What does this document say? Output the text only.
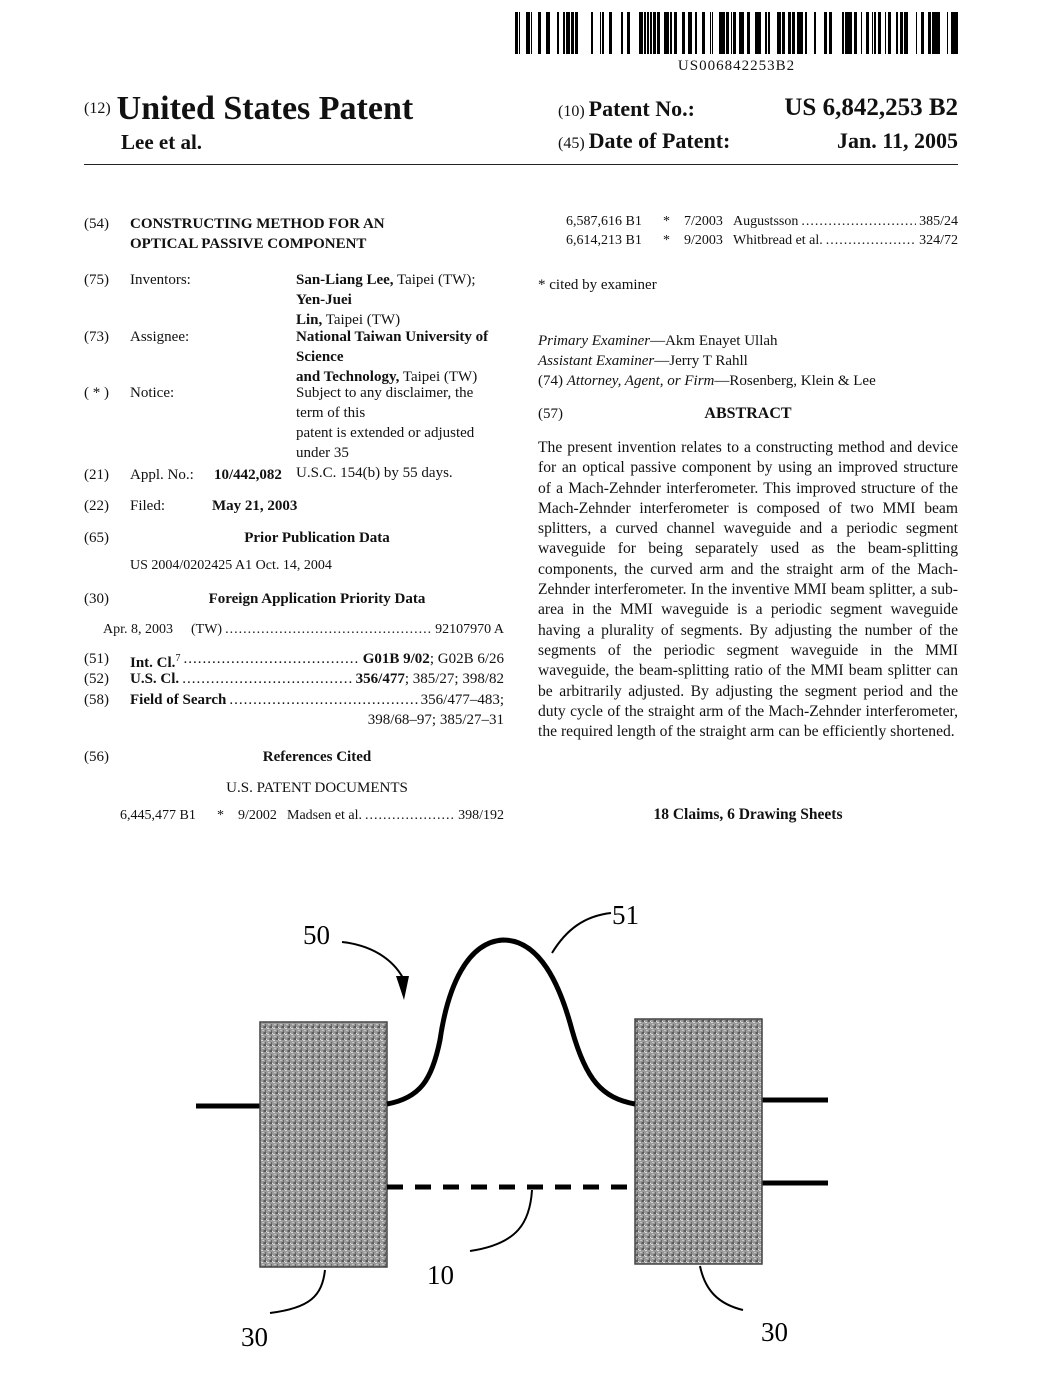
US006842253B2
(12) United States Patent
Lee et al.
(10) Patent No.:	US 6,842,253 B2
(45) Date of Patent:	Jan. 11, 2005
(54) CONSTRUCTING METHOD FOR AN
OPTICAL PASSIVE COMPONENT
(75) Inventors:	San-Liang Lee, Taipei (TW); Yen-Juei
Lin, Taipei (TW)
(73) Assignee:	National Taiwan University of Science
and Technology, Taipei (TW)
( * ) Notice:	Subject to any disclaimer, the term of this
patent is extended or adjusted under 35
U.S.C. 154(b) by 55 days.
(21) Appl. No.: 10/442,082
(22) Filed:	May 21, 2003
(65)	Prior Publication Data
US 2004/0202425 A1 Oct. 14, 2004
(30)	Foreign Application Priority Data
Apr. 8, 2003 (TW) .....	92107970 A
(51) Int. Cl.$^7$ .....	G01B 9/02 ; G02B 6/26
(52) U.S. Cl. .....	356/477 ; 385/27; 398/82
(58) Field of Search .....	356/477–483;
398/68–97; 385/27–31
(56)	References Cited
U.S. PATENT DOCUMENTS
6,445,477 B1 * 9/2002 Madsen et al. .....	398/192
6,587,616 B1 * 7/2003 Augustsson .....	385/24
6,614,213 B1 * 9/2003 Whitbread et al. .....	324/72
* cited by examiner
Primary Examiner—Akm Enayet Ullah
Assistant Examiner—Jerry T Rahll
(74) Attorney, Agent, or Firm—Rosenberg, Klein & Lee
(57)	ABSTRACT
The present invention relates to a constructing method and device for an optical passive component by using an improved structure of a Mach-Zehnder interferometer. This improved structure of the Mach-Zehnder interferometer is composed of two MMI beam splitters, a curved channel waveguide and a periodic segment waveguide for being separately used as the beam-splitting components, the curved arm and the straight arm of the Mach-Zehnder interferometer. In the inventive MMI beam splitter, a sub-area in the MMI waveguide is a periodic segment waveguide having a plurality of segments. By adjusting the number of the segments of the periodic segment waveguide in the MMI waveguide, the beam-splitting ratio of the MMI beam splitter can be arbitrarily adjusted. By adjusting the segment period and the duty cycle of the straight arm of the Mach-Zehnder interferometer, the required length of the straight arm can be efficiently shortened.
18 Claims, 6 Drawing Sheets
50
51
10
30	30
